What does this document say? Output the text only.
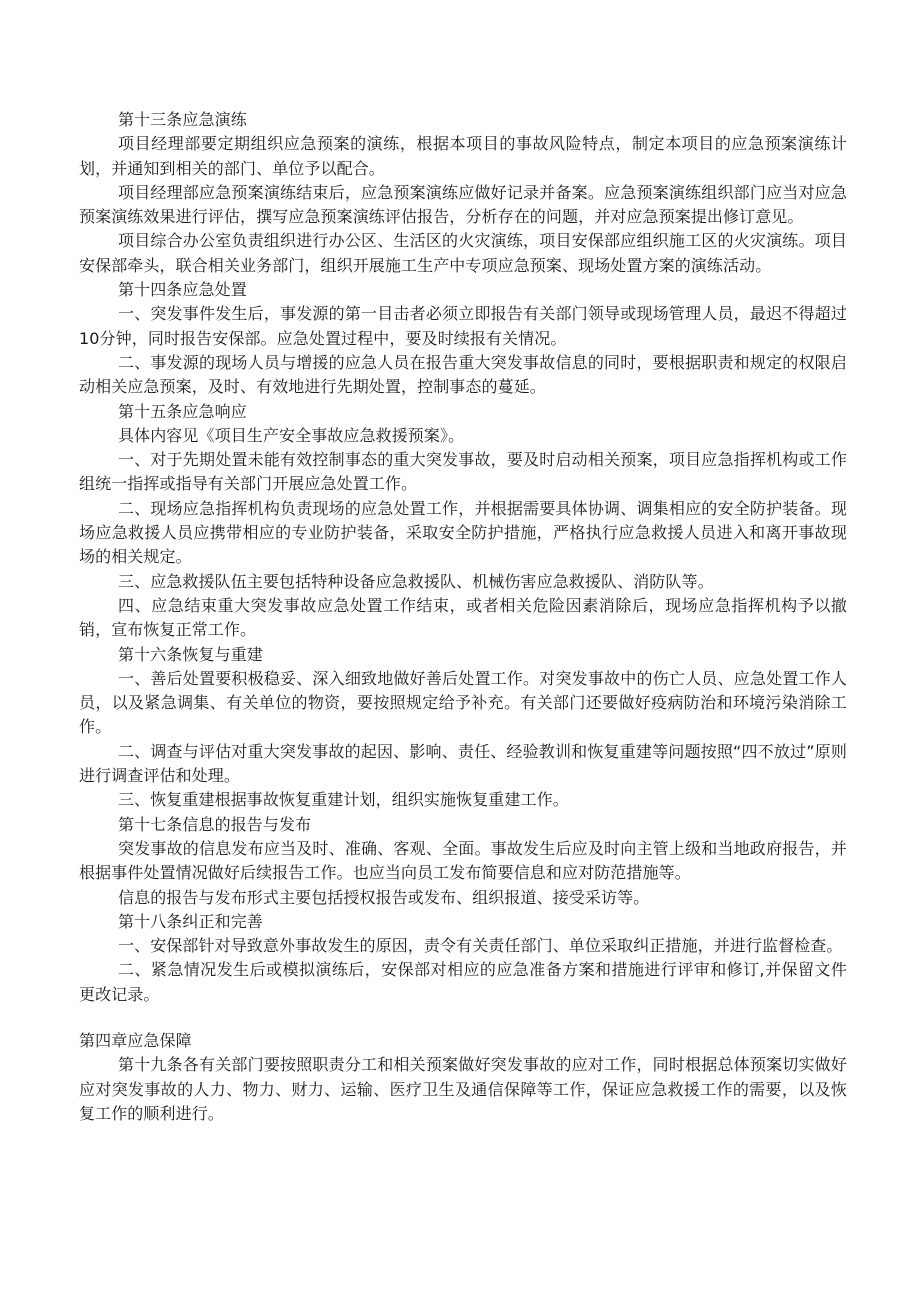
第十三条应急演练

项目经理部要定期组织应急预案的演练，根据本项目的事故风险特点，制定本项目的应急预案演练计划，并通知到相关的部门、单位予以配合。

项目经理部应急预案演练结束后，应急预案演练应做好记录并备案。应急预案演练组织部门应当对应急预案演练效果进行评估，撰写应急预案演练评估报告，分析存在的问题，并对应急预案提出修订意见。

项目综合办公室负责组织进行办公区、生活区的火灾演练，项目安保部应组织施工区的火灾演练。项目安保部牵头，联合相关业务部门，组织开展施工生产中专项应急预案、现场处置方案的演练活动。

第十四条应急处置

一、突发事件发生后，事发源的第一目击者必须立即报告有关部门领导或现场管理人员，最迟不得超过10分钟，同时报告安保部。应急处置过程中，要及时续报有关情况。

二、事发源的现场人员与增援的应急人员在报告重大突发事故信息的同时，要根据职责和规定的权限启动相关应急预案，及时、有效地进行先期处置，控制事态的蔓延。

第十五条应急响应

具体内容见《项目生产安全事故应急救援预案》。

一、对于先期处置未能有效控制事态的重大突发事故，要及时启动相关预案，项目应急指挥机构或工作组统一指挥或指导有关部门开展应急处置工作。

二、现场应急指挥机构负责现场的应急处置工作，并根据需要具体协调、调集相应的安全防护装备。现场应急救援人员应携带相应的专业防护装备，采取安全防护措施，严格执行应急救援人员进入和离开事故现场的相关规定。

三、应急救援队伍主要包括特种设备应急救援队、机械伤害应急救援队、消防队等。

四、应急结束重大突发事故应急处置工作结束，或者相关危险因素消除后，现场应急指挥机构予以撤销，宣布恢复正常工作。

第十六条恢复与重建

一、善后处置要积极稳妥、深入细致地做好善后处置工作。对突发事故中的伤亡人员、应急处置工作人员，以及紧急调集、有关单位的物资，要按照规定给予补充。有关部门还要做好疫病防治和环境污染消除工作。

二、调查与评估对重大突发事故的起因、影响、责任、经验教训和恢复重建等问题按照“四不放过”原则进行调查评估和处理。

三、恢复重建根据事故恢复重建计划，组织实施恢复重建工作。

第十七条信息的报告与发布

突发事故的信息发布应当及时、准确、客观、全面。事故发生后应及时向主管上级和当地政府报告，并根据事件处置情况做好后续报告工作。也应当向员工发布简要信息和应对防范措施等。

信息的报告与发布形式主要包括授权报告或发布、组织报道、接受采访等。

第十八条纠正和完善

一、安保部针对导致意外事故发生的原因，责令有关责任部门、单位采取纠正措施，并进行监督检查。

二、紧急情况发生后或模拟演练后，安保部对相应的应急准备方案和措施进行评审和修订,并保留文件更改记录。

第四章应急保障

第十九条各有关部门要按照职责分工和相关预案做好突发事故的应对工作，同时根据总体预案切实做好应对突发事故的人力、物力、财力、运输、医疗卫生及通信保障等工作，保证应急救援工作的需要，以及恢复工作的顺利进行。
